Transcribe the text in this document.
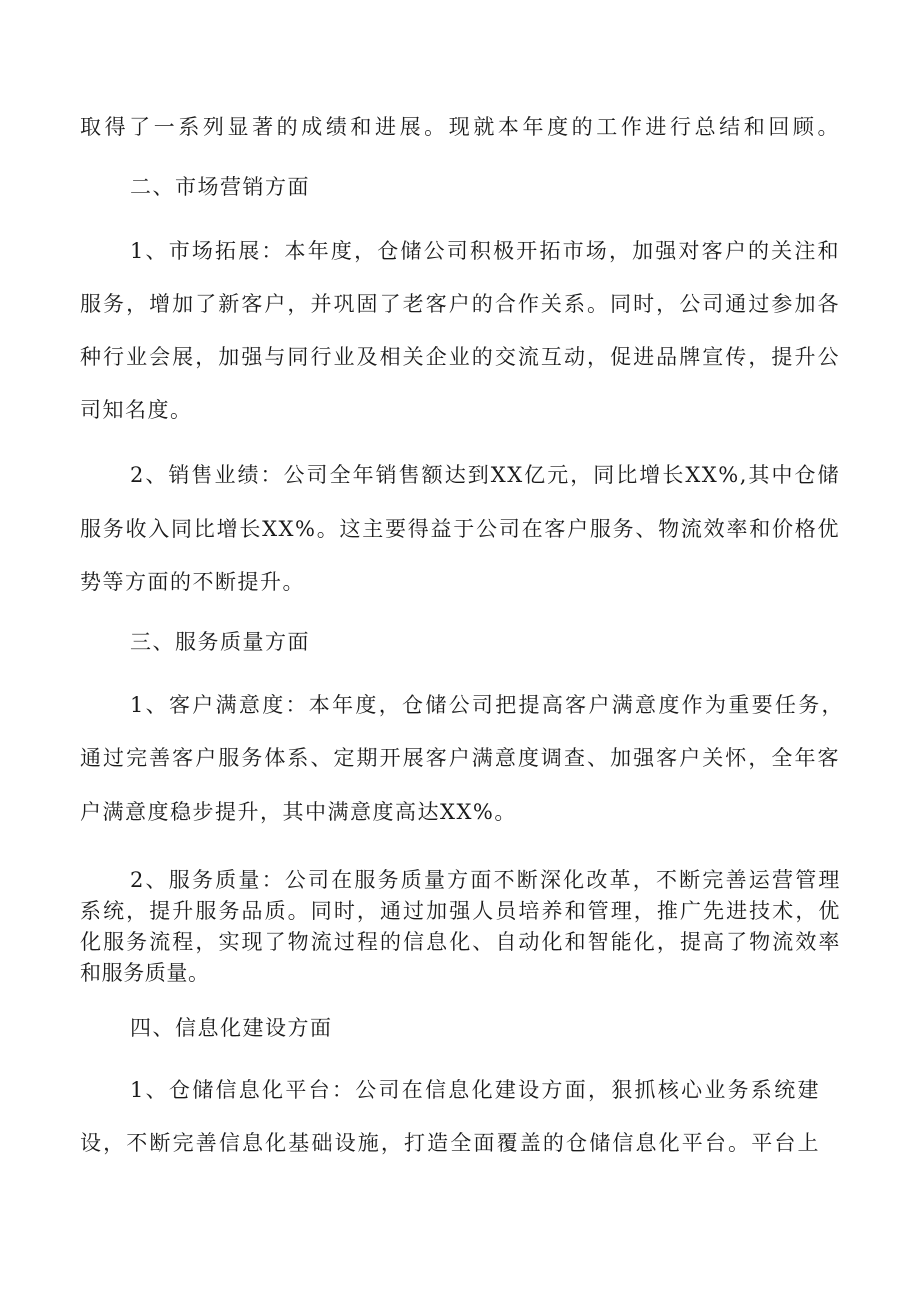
取得了一系列显著的成绩和进展。现就本年度的工作进行总结和回顾。
二、市场营销方面
1、市场拓展：本年度，仓储公司积极开拓市场，加强对客户的关注和
服务，增加了新客户，并巩固了老客户的合作关系。同时，公司通过参加各
种行业会展，加强与同行业及相关企业的交流互动，促进品牌宣传，提升公
司知名度。
2、销售业绩：公司全年销售额达到XX亿元，同比增长XX%,其中仓储
服务收入同比增长XX%。这主要得益于公司在客户服务、物流效率和价格优
势等方面的不断提升。
三、服务质量方面
1、客户满意度：本年度，仓储公司把提高客户满意度作为重要任务，
通过完善客户服务体系、定期开展客户满意度调查、加强客户关怀，全年客
户满意度稳步提升，其中满意度高达XX%。
2、服务质量：公司在服务质量方面不断深化改革，不断完善运营管理
系统，提升服务品质。同时，通过加强人员培养和管理，推广先进技术，优
化服务流程，实现了物流过程的信息化、自动化和智能化，提高了物流效率
和服务质量。
四、信息化建设方面
1、仓储信息化平台：公司在信息化建设方面，狠抓核心业务系统建
设，不断完善信息化基础设施，打造全面覆盖的仓储信息化平台。平台上
